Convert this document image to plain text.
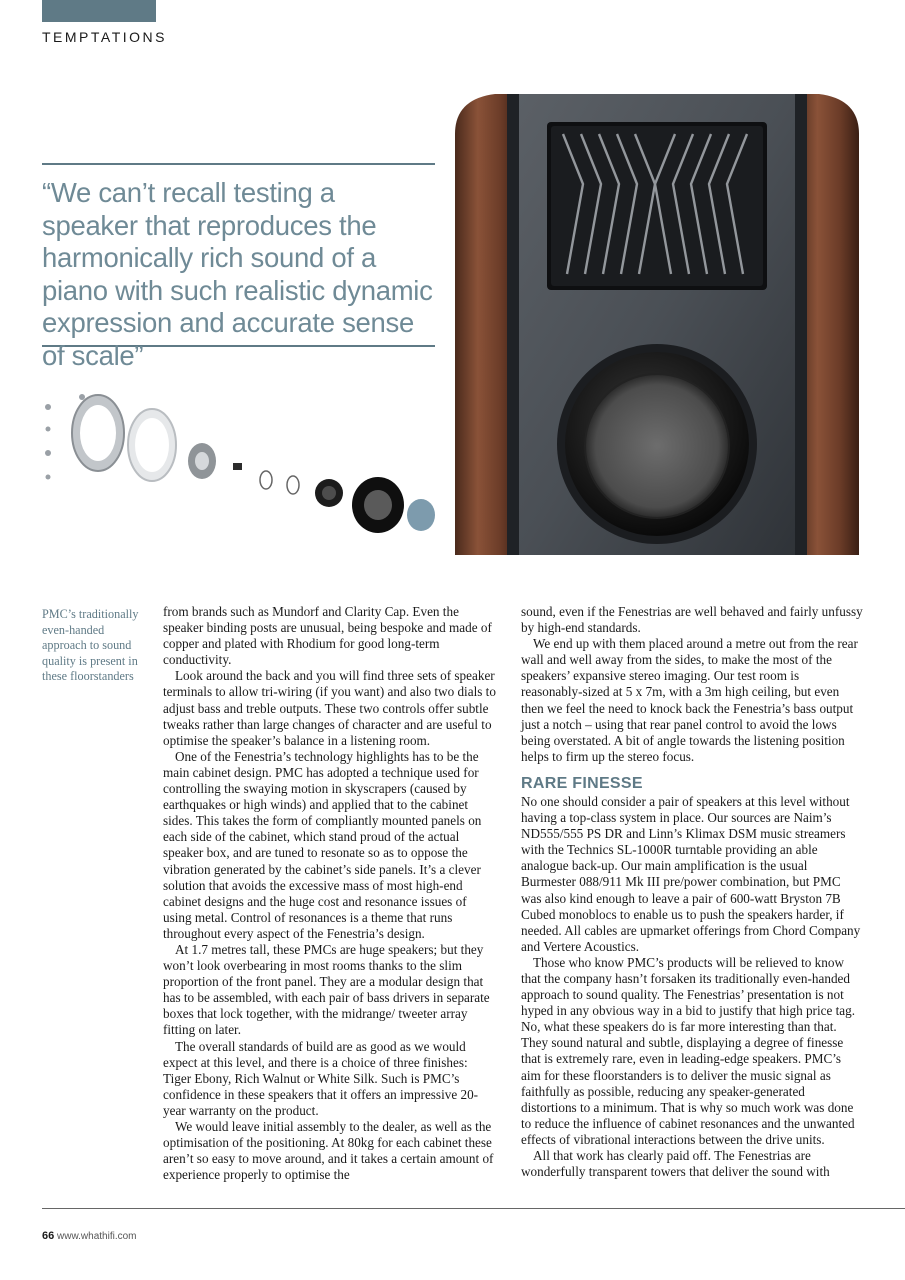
TEMPTATIONS

“We can’t recall testing a speaker that reproduces the harmonically rich sound of a piano with such realistic dynamic expression and accurate sense of scale”

PMC’s traditionally even-handed approach to sound quality is present in these floorstanders

from brands such as Mundorf and Clarity Cap. Even the speaker binding posts are unusual, being bespoke and made of copper and plated with Rhodium for good long-term conductivity.

Look around the back and you will find three sets of speaker terminals to allow tri-wiring (if you want) and also two dials to adjust bass and treble outputs. These two controls offer subtle tweaks rather than large changes of character and are useful to optimise the speaker’s balance in a listening room.

One of the Fenestria’s technology highlights has to be the main cabinet design. PMC has adopted a technique used for controlling the swaying motion in skyscrapers (caused by earthquakes or high winds) and applied that to the cabinet sides. This takes the form of compliantly mounted panels on each side of the cabinet, which stand proud of the actual speaker box, and are tuned to resonate so as to oppose the vibration generated by the cabinet’s side panels. It’s a clever solution that avoids the excessive mass of most high-end cabinet designs and the huge cost and resonance issues of using metal. Control of resonances is a theme that runs throughout every aspect of the Fenestria’s design.

At 1.7 metres tall, these PMCs are huge speakers; but they won’t look overbearing in most rooms thanks to the slim proportion of the front panel. They are a modular design that has to be assembled, with each pair of bass drivers in separate boxes that lock together, with the midrange/ tweeter array fitting on later.

The overall standards of build are as good as we would expect at this level, and there is a choice of three finishes: Tiger Ebony, Rich Walnut or White Silk. Such is PMC’s confidence in these speakers that it offers an impressive 20-year warranty on the product.

We would leave initial assembly to the dealer, as well as the optimisation of the positioning. At 80kg for each cabinet these aren’t so easy to move around, and it takes a certain amount of experience properly to optimise the

sound, even if the Fenestrias are well behaved and fairly unfussy by high-end standards.

We end up with them placed around a metre out from the rear wall and well away from the sides, to make the most of the speakers’ expansive stereo imaging. Our test room is reasonably-sized at 5 x 7m, with a 3m high ceiling, but even then we feel the need to knock back the Fenestria’s bass output just a notch – using that rear panel control to avoid the lows being overstated. A bit of angle towards the listening position helps to firm up the stereo focus.

RARE FINESSE

No one should consider a pair of speakers at this level without having a top-class system in place. Our sources are Naim’s ND555/555 PS DR and Linn’s Klimax DSM music streamers with the Technics SL-1000R turntable providing an able analogue back-up. Our main amplification is the usual Burmester 088/911 Mk III pre/power combination, but PMC was also kind enough to leave a pair of 600-watt Bryston 7B Cubed monoblocs to enable us to push the speakers harder, if needed. All cables are upmarket offerings from Chord Company and Vertere Acoustics.

Those who know PMC’s products will be relieved to know that the company hasn’t forsaken its traditionally even-handed approach to sound quality. The Fenestrias’ presentation is not hyped in any obvious way in a bid to justify that high price tag. No, what these speakers do is far more interesting than that. They sound natural and subtle, displaying a degree of finesse that is extremely rare, even in leading-edge speakers. PMC’s aim for these floorstanders is to deliver the music signal as faithfully as possible, reducing any speaker-generated distortions to a minimum. That is why so much work was done to reduce the influence of cabinet resonances and the unwanted effects of vibrational interactions between the drive units.

All that work has clearly paid off. The Fenestrias are wonderfully transparent towers that deliver the sound with

66 www.whathifi.com
